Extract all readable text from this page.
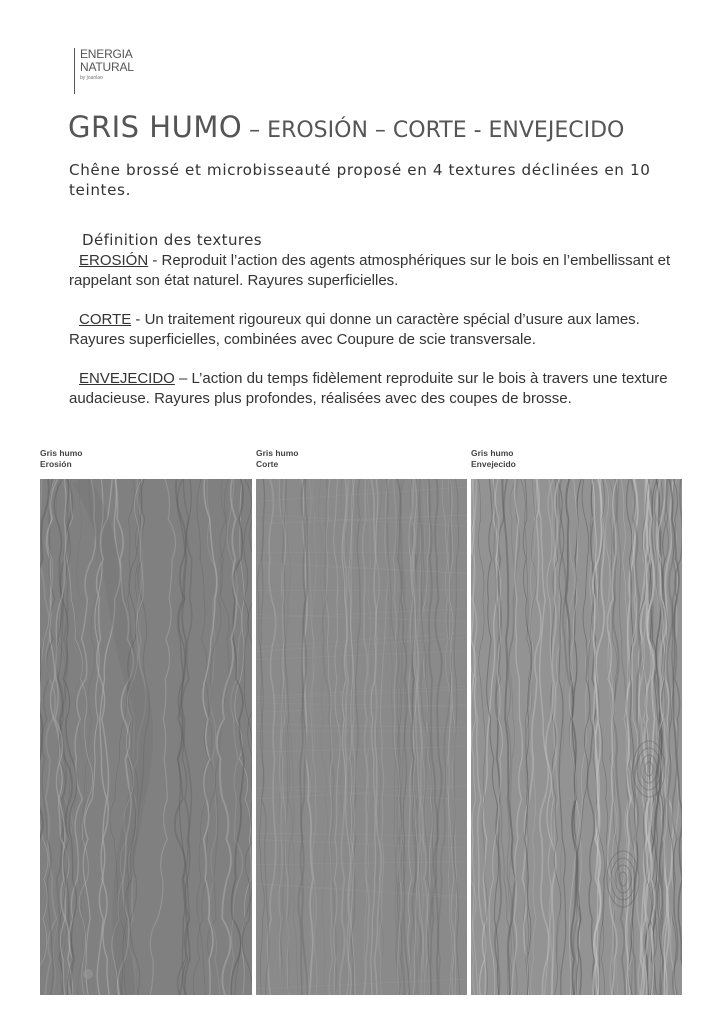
ENERGIA
NATURAL
by joanlao
GRIS HUMO – EROSIÓN – CORTE - ENVEJECIDO
Chêne brossé et microbisseauté proposé en 4 textures déclinées en 10 teintes.
Définition des textures
EROSIÓN - Reproduit l’action des agents atmosphériques sur le bois en l’embellissant et rappelant son état naturel. Rayures superficielles.
CORTE - Un traitement rigoureux qui donne un caractère spécial d’usure aux lames. Rayures superficielles, combinées avec Coupure de scie transversale.
ENVEJECIDO – L’action du temps fidèlement reproduite sur le bois à travers une texture audacieuse. Rayures plus profondes, réalisées avec des coupes de brosse.
Gris humo
Erosión
Gris humo
Corte
Gris humo
Envejecido
